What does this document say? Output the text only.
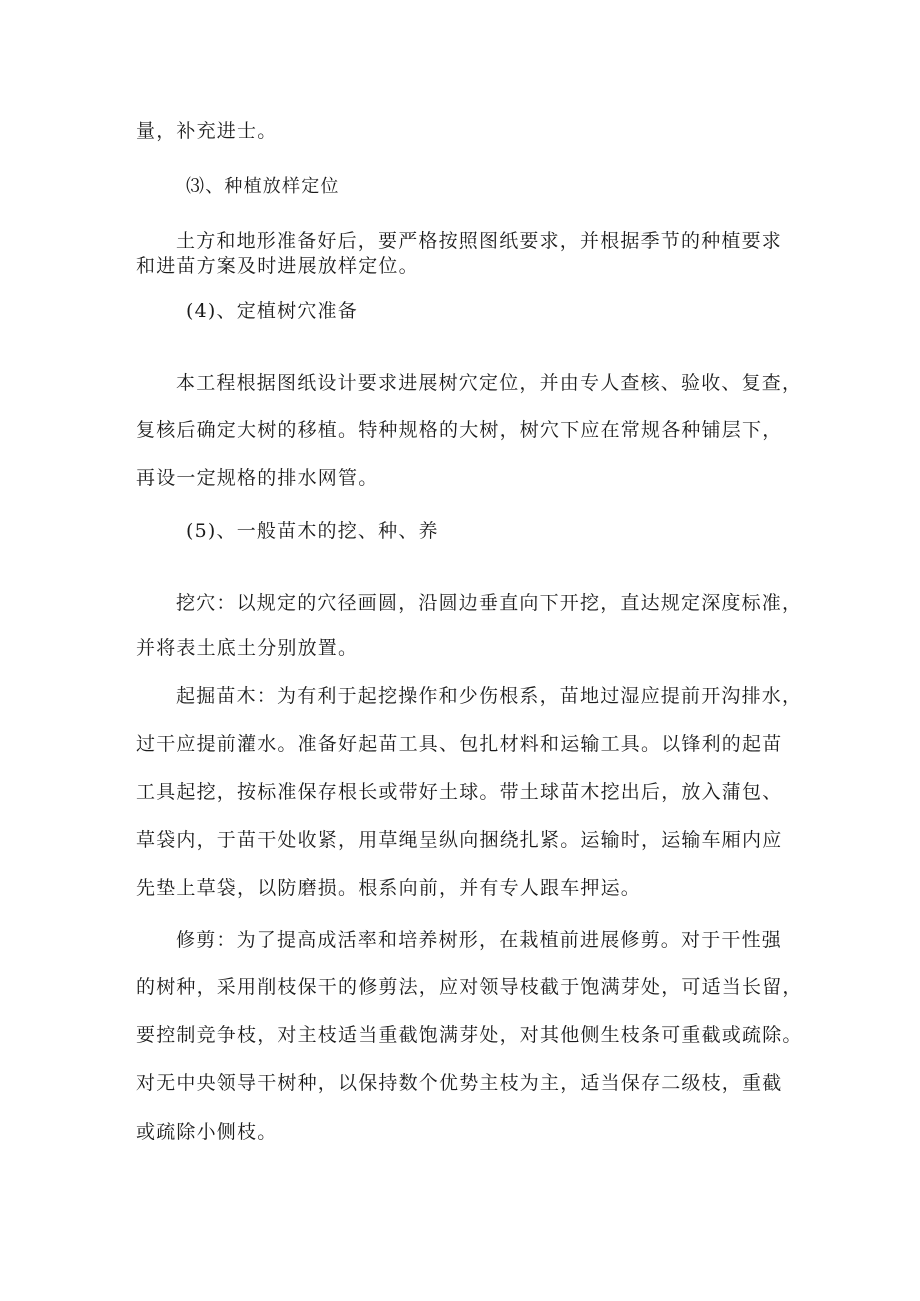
量，补充进士。
⑶、种植放样定位
土方和地形准备好后，要严格按照图纸要求，并根据季节的种植要求
和进苗方案及时进展放样定位。
(4)、定植树穴准备
本工程根据图纸设计要求进展树穴定位，并由专人查核、验收、复查，
复核后确定大树的移植。特种规格的大树，树穴下应在常规各种铺层下，
再设一定规格的排水网管。
(5)、一般苗木的挖、种、养
挖穴：以规定的穴径画圆，沿圆边垂直向下开挖，直达规定深度标准，
并将表土底土分别放置。
起掘苗木：为有利于起挖操作和少伤根系，苗地过湿应提前开沟排水，
过干应提前灌水。准备好起苗工具、包扎材料和运输工具。以锋利的起苗
工具起挖，按标准保存根长或带好土球。带土球苗木挖出后，放入蒲包、
草袋内，于苗干处收紧，用草绳呈纵向捆绕扎紧。运输时，运输车厢内应
先垫上草袋，以防磨损。根系向前，并有专人跟车押运。
修剪：为了提高成活率和培养树形，在栽植前进展修剪。对于干性强
的树种，采用削枝保干的修剪法，应对领导枝截于饱满芽处，可适当长留，
要控制竞争枝，对主枝适当重截饱满芽处，对其他侧生枝条可重截或疏除。
对无中央领导干树种，以保持数个优势主枝为主，适当保存二级枝，重截
或疏除小侧枝。
